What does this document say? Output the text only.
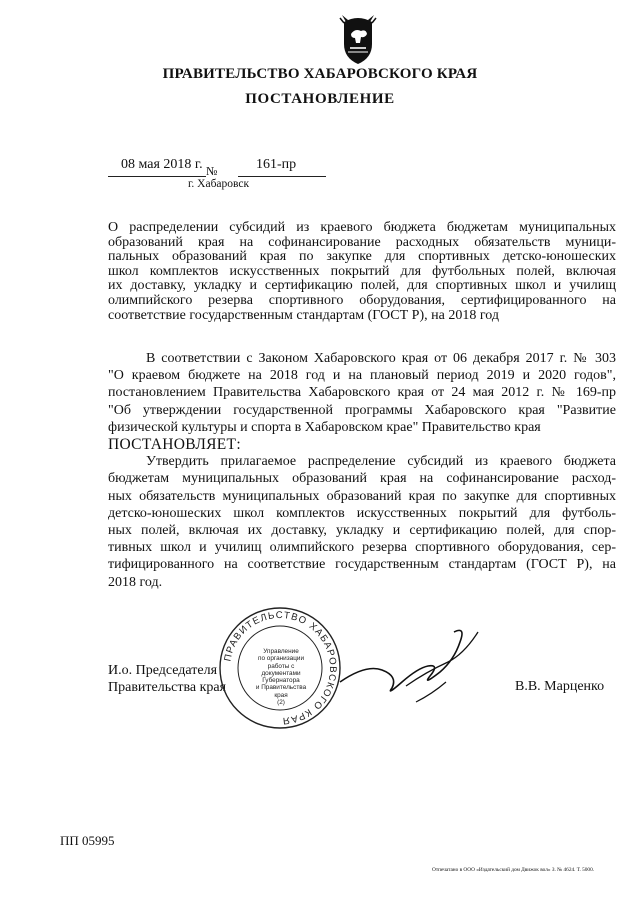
ПРАВИТЕЛЬСТВО ХАБАРОВСКОГО КРАЯ
ПОСТАНОВЛЕНИЕ
08 мая 2018 г. №	161-пр
г. Хабаровск
О распределении субсидий из краевого бюджета бюджетам муниципальных
образований края на софинансирование расходных обязательств муници-
пальных образований края по закупке для спортивных детско-юношеских
школ комплектов искусственных покрытий для футбольных полей, включая
их доставку, укладку и сертификацию полей, для спортивных школ и училищ
олимпийского резерва спортивного оборудования, сертифицированного на
соответствие государственным стандартам (ГОСТ Р), на 2018 год
В соответствии с Законом Хабаровского края от 06 декабря 2017 г. № 303
"О краевом бюджете на 2018 год и на плановый период 2019 и 2020 годов",
постановлением Правительства Хабаровского края от 24 мая 2012 г. № 169-пр
"Об утверждении государственной программы Хабаровского края "Развитие
физической культуры и спорта в Хабаровском крае" Правительство края
ПОСТАНОВЛЯЕТ:
Утвердить прилагаемое распределение субсидий из краевого бюджета
бюджетам муниципальных образований края на софинансирование расход-
ных обязательств муниципальных образований края по закупке для спортивных
детско-юношеских школ комплектов искусственных покрытий для футболь-
ных полей, включая их доставку, укладку и сертификацию полей, для спор-
тивных школ и училищ олимпийского резерва спортивного оборудования, сер-
тифицированного на соответствие государственным стандартам (ГОСТ Р), на
2018 год.
И.о. Председателя
Правительства края
ПРАВИТЕЛЬСТВО ХАБАРОВСКОГО КРАЯ
Управление
по организации
работы с документами
Губернатора
и Правительства
края
(2)
В.В. Марценко
ПП 05995
Отпечатано в ООО «Издательский дом Движок вол» З. № 4624. Т. 5000.
